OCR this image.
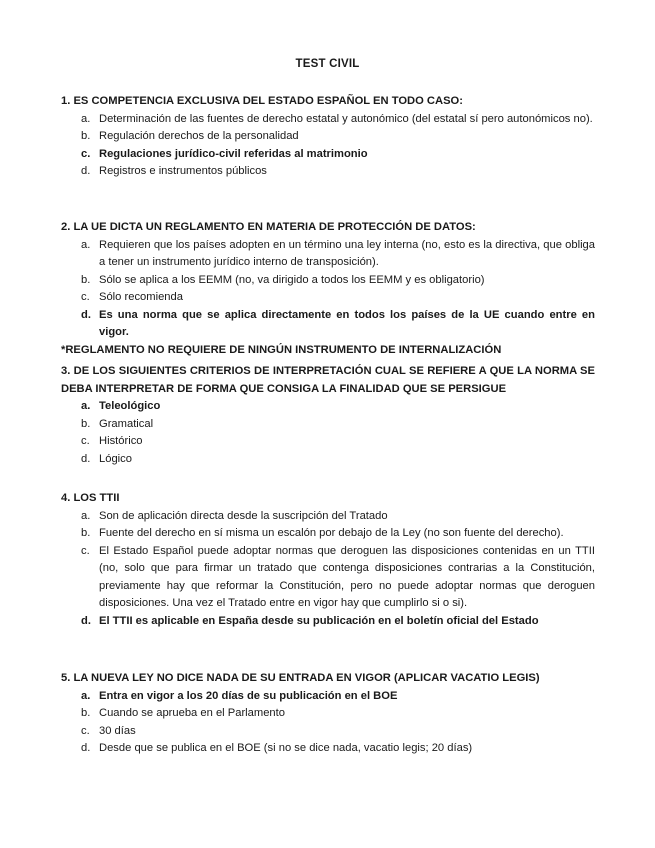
TEST CIVIL
1. ES COMPETENCIA EXCLUSIVA DEL ESTADO ESPAÑOL EN TODO CASO:
a. Determinación de las fuentes de derecho estatal y autonómico (del estatal sí pero autonómicos no).
b. Regulación derechos de la personalidad
c. Regulaciones jurídico-civil referidas al matrimonio
d. Registros e instrumentos públicos
2. LA UE DICTA UN REGLAMENTO EN MATERIA DE PROTECCIÓN DE DATOS:
a. Requieren que los países adopten en un término una ley interna (no, esto es la directiva, que obliga a tener un instrumento jurídico interno de transposición).
b. Sólo se aplica a los EEMM (no, va dirigido a todos los EEMM y es obligatorio)
c. Sólo recomienda
d. Es una norma que se aplica directamente en todos los países de la UE cuando entre en vigor.
*REGLAMENTO NO REQUIERE DE NINGÚN INSTRUMENTO DE INTERNALIZACIÓN
3. DE LOS SIGUIENTES CRITERIOS DE INTERPRETACIÓN CUAL SE REFIERE A QUE LA NORMA SE DEBA INTERPRETAR DE FORMA QUE CONSIGA LA FINALIDAD QUE SE PERSIGUE
a. Teleológico
b. Gramatical
c. Histórico
d. Lógico
4. LOS TTII
a. Son de aplicación directa desde la suscripción del Tratado
b. Fuente del derecho en sí misma un escalón por debajo de la Ley (no son fuente del derecho).
c. El Estado Español puede adoptar normas que deroguen las disposiciones contenidas en un TTII (no, solo que para firmar un tratado que contenga disposiciones contrarias a la Constitución, previamente hay que reformar la Constitución, pero no puede adoptar normas que deroguen disposiciones. Una vez el Tratado entre en vigor hay que cumplirlo si o si).
d. El TTII es aplicable en España desde su publicación en el boletín oficial del Estado
5. LA NUEVA LEY NO DICE NADA DE SU ENTRADA EN VIGOR (APLICAR VACATIO LEGIS)
a. Entra en vigor a los 20 días de su publicación en el BOE
b. Cuando se aprueba en el Parlamento
c. 30 días
d. Desde que se publica en el BOE (si no se dice nada, vacatio legis; 20 días)
